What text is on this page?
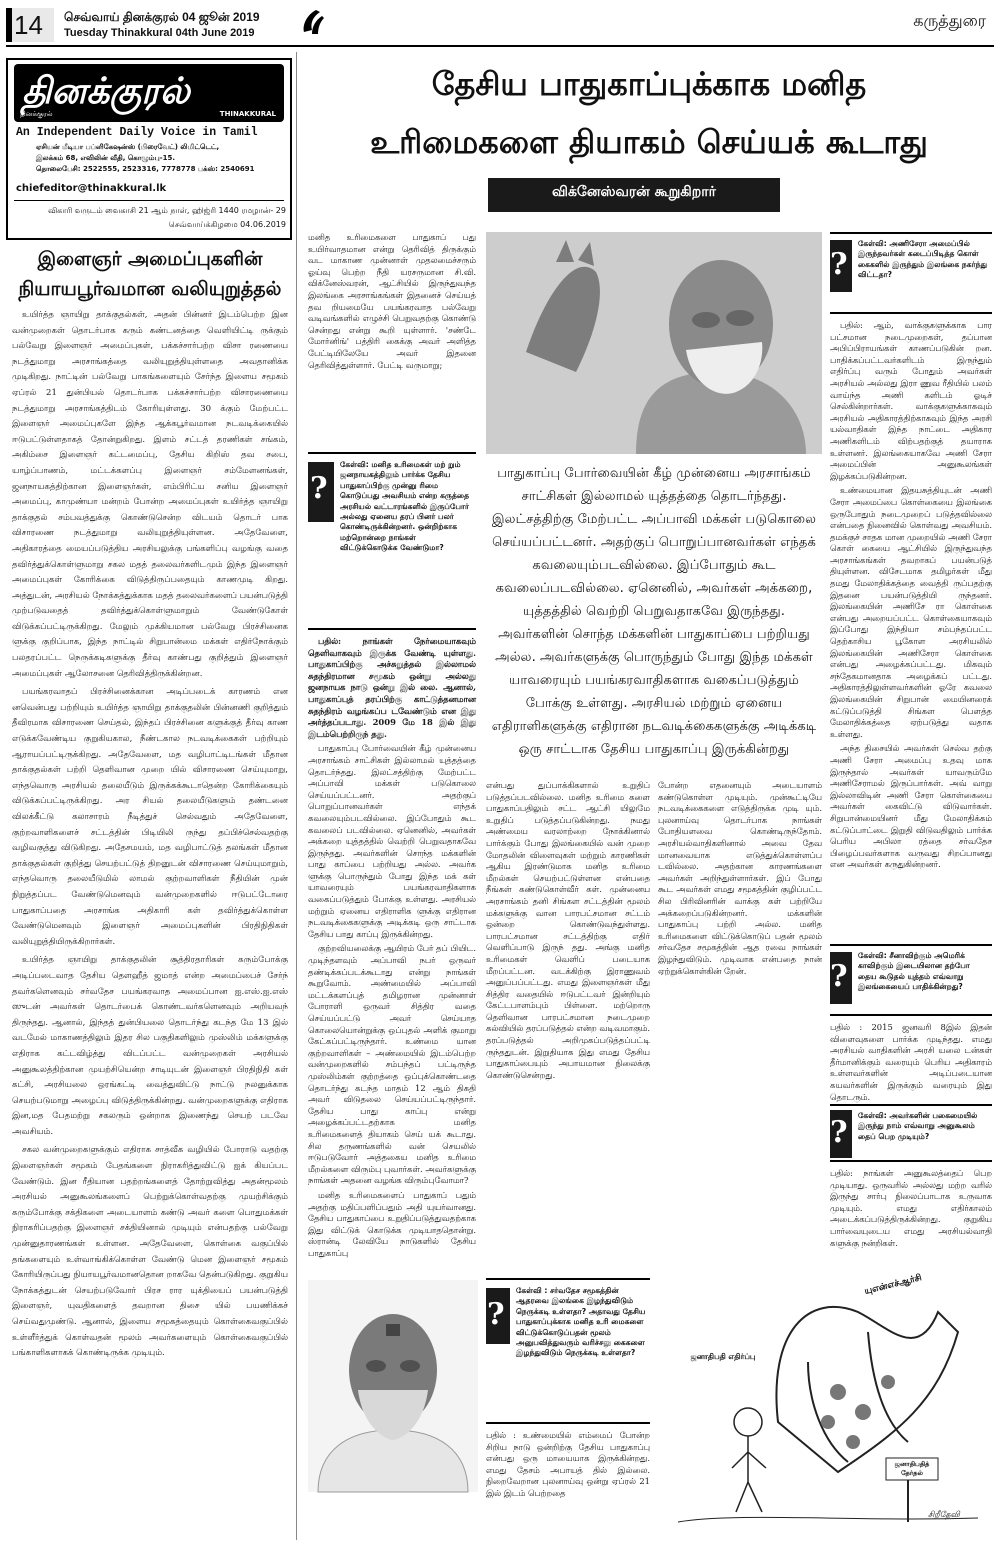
14 செவ்வாய் தினக்குரல் 04 ஜூன் 2019
Tuesday Thinakkural 04th June 2019
கருத்துரை
தினக்குரல்
தினக்குரல்	THINAKKURAL
An Independent Daily Voice in Tamil
ஏசியன் மீடியா பப்ளிகேஷன்ஸ் (பிரைவேட்) லிமிட்டெட்,
இலக்கம் 68, எவிலின் வீதி, கொழும்பு-15.
தொலைபேசி: 2522555, 2523316, 7778778 பக்ஸ்: 2540691
chiefeditor@thinakkural.lk
விகாரி வருடம் வைகாசி 21 ஆம் நாள், ஹிஜ்ரி 1440 ரமழான்- 29
செவ்வாய்க்கிழமை 04.06.2019
இளைஞர் அமைப்புகளின் நியாயபூர்வமான வலியுறுத்தல்

உயிர்த்த ஞாயிறு தாக்குதல்கள், அதன் பின்னர் இடம்பெற்ற இன வன்முறைகள் தொடர்பாக கரும் கண்டனத்தை வெளியிட்டி ருக்கும் பல்வேறு இளைஞர் அமைப்புகள், பக்கச்சார்பற்ற விசா ரணையை நடத்துமாறு அரசாங்கத்தை வலியுறுத்தியுள்ளதை அவதானிக்க முடிகிறது. நாட்டின் பல்வேறு பாகங்களையும் சேர்ந்த இளைய சமூகம் ஏப்ரல் 21 துன்பியல் தொடர்பாக பக்கச்சார்பற்ற விசாரணையை நடத்துமாறு அரசாங்கத்திடம் கோரியுள்ளது. 30 க்கும் மேற்பட்ட இளைஞர் அமைப்புகளே இந்த ஆக்கபூர்வமான நடவடிக்கையில் ஈடுபட்டுள்ளதாகத் தோன்றுகிறது. இளம் சட்டத் தரணிகள் சங்கம், அகிம்சை இளைஞர் கட்டமைப்பு, தேசிய கிறிஸ் தவ சபை, யாழ்ப்பாணம், மட்டக்களப்பு இளைஞர் சம்மேளனங்கள், ஜனநாயகத்திற்கான இளைஞர்கள், எம்பிரிட்ய சனிய இளைஞர் அமைப்பு, காமுண்யா மன்றம் போன்ற அமைப்புகள் உயிர்த்த ஞாயிறு தாக்குதல் சம்பவத்துக்கு கொண்டுசென்ற விடயம் தொடர் பாக விசாரணை நடத்துமாறு வலியுறுத்தியுள்ளன. அதேவேளை, அதிகாரத்தை மையப்படுத்திய அரசியலுக்கு பங்களிப்பு வழங்கு வதை தவிர்த்துக்கொள்ளுமாறு சகல மதத் தலைவர்களிடமும் இந்த இளைஞர் அமைப்புகள் கோரிக்கை விடுத்திருப்பதையும் காணமுடி கிறது. அத்துடன், அரசியல் நோக்கத்துக்காக மதத் தலைவர்களைப் பயன்படுத்தி முற்படுவதைத் தவிர்த்துக்கொள்ளுமாறும் வேண்டுகோள் விடுக்கப்பட்டிருக்கிறது. மேலும் முக்கியமான பல்வேறு பிரச்சினைக ளுக்கு குறிப்பாக, இந்த நாட்டில் சிறுபான்மை மக்கள் எதிர்நோக்கும் பலதரப்பட்ட நெருக்கடிகளுக்கு தீர்வு காண்பது குறித்தும் இளைஞர் அமைப்புகள் ஆலோசனை தெரிவித்திருக்கின்றன.

பயங்கரவாதப் பிரச்சினைக்கான அடிப்படைக் காரணம் என னவென்பது பற்றியும் உயிர்த்த ஞாயிறு தாக்குதலின் பின்னணி குறித்தும் தீவிரமாக விசாரணை செய்தல், இந்தப் பிரச்சினை களுக்குத் தீர்வு காண எடுக்கவேண்டிய குறுகியகால, நீண்டகால நடவடிக்கைகள் பற்றியும் ஆராயப்பட்டிருக்கிறது. அதேவேளை, மத வழிபாட்டிடங்கள் மீதான தாக்குதல்கள் பற்றி தெளிவான முறை யில் விசாரணை செய்யுமாறு, எந்தவொரு அரசியல் தலையீடும் இருக்கக்கூடாதென்ற கோரிக்கையும் விடுக்கப்பட்டிருக்கிறது. அர சியல் தலையீடுகளும் தண்டனை விலக்கீட்டு கலாசாரம் நீடித்துச் செல்வதும் அதேவேளை, குற்றவாளிகளைச் சட்டத்தின் பிடியிலி ருந்து தப்பிச்செல்வதற்கு வழிவகுத்து விடுகிறது. அதேசமயம், மத வழிபாட்டுத் தலங்கள் மீதான தாக்குதல்கள் குறித்து செயற்பட்டுத் திறனுடன் விசாரணை செய்யுமாறும், எந்தவொரு தலையீடுமில் லாமல் குற்றவாளிகள் நீதியின் முன் நிறுத்தப்பட வேண்டுமெனவும் வன்முறைகளில் ஈடுபட்டோரை பாதுகாப்பதை அரசாங்க அதிகாரி கள் தவிர்த்துக்கொள்ள வேண்டுமெனவும் இளைஞர் அமைப்புகளின் பிரதிநிதிகள் வலியுறுத்தியிருக்கிறார்கள்.

உயிர்த்த ஞாயிறு தாக்குதலின் சூத்திரதாரிகள் கரும்போக்கு அடிப்படைவாத தேசிய தௌஹீத் ஜமாத் என்ற அமைப்பைச் சேர்ந் தவர்களெனவும் சர்வதேச பயங்கரவாத அமைப்பான ஐ.எஸ்.ஐ.எஸ் ஸுடன் அவர்கள் தொடர்பைக் கொண்டவர்களெனவும் அறியவந் திருந்தது. ஆனால், இந்தத் துன்பியலை தொடர்ந்து கடந்த மே 13 இல் வடமேல் மாகாணத்திலும் இதர சில பகுதிகளிலும் முஸ்லிம் மக்களுக்கு எதிராக கட்டவிழ்த்து விடப்பட்ட வன்முறைகள் அரசியல் அனுகூலத்திற்கான முயற்சியென்ற சாடியுடன் இளைஞர் பிரதிநிதி கள் கட்சி, அரசியலை ஒரங்கட்டி வைத்துவிட்டு நாட்டு நலனுக்காக செயற்படுமாறு அழைப்பு விடுத்திருக்கின்றது. வன்முறைகளுக்கு எதிராக இன,மத பேதமற்று சகலரும் ஒன்றாக இணைந்து செயற் படவே அவசியம்.

சகல வன்முறைகளுக்கும் எதிராக சாத்வீக வழியில் போராடு வதற்கு இளைஞர்கள் சமூகம் பேதங்களை நிராகரித்துவிட்டு ஐக் கியப்பட வேண்டும். இன ரீதியான பதற்றங்களைத் தோற்றுவித்து அதன்மூலம் அரசியல் அனுகூலங்களைப் பெற்றுக்கொள்வதற்கு முயற்சிக்கும் கரும்போக்கு சக்திகளை அடையாளம் கண்டு அவர் களை பொதுமக்கள் நிராகரிப்பதற்கு இளைஞர் சக்தியினால் முடியும் என்பதற்கு பல்வேறு முன்னுதாரணங்கள் உள்ளன. அதேவேளை, கொள்கை வகுப்பில் தங்களையும் உள்வாங்கிக்கொள்ள வேண்டு மென இளைஞர் சமூகம் கோரியிருப்பது நியாயபூர்வமானதொன றாகவே தென்படுகிறது. குறுகிய நோக்கத்துடன் செயற்படுவோர் பிரச ரார யுக்தியைப் பயன்படுத்தி இளைஞர், யுவதிகளைத் தவறான திசை யில் பயணிக்கச் செய்வதுமுண்டு. ஆனால், இளைய சமூகத்தையும் கொள்கைவகுப்பில் உள்ளீர்த்துக் கொள்வதன் மூலம் அவர்களையும் கொள்கைவகுப்பில் பங்காளிகளாகக் கொண்டிருக்க முடியும்.

தேசிய பாதுகாப்புக்காக மனித
உரிமைகளை தியாகம் செய்யக் கூடாது
விக்னேஸ்வரன் கூறுகிறார்
மனித உரிமைகளை பாதுகாப் பது உயிர்வாதமான என்று தெரிவித் திருக்கும் வட மாகாண முன்னாள் முதலமைச்சரும் ஓய்வு பெற்ற நீதி யரசருமான சி.வி. விக்னேஸ்வரன், ஆட்சியில் இருந்துவந்த இலங்கை அரசாங்கங்கள் இதனைச் செய்யத் தவ றியமையே பயங்கரவாத பல்வேறு வடிவங்களில் எழுச்சி பெறுவதற்கு கொண்டு சென்றது என்று கூறி யுள்ளார். 'சண்டே மோர்னிங்' பத்திரி கைக்கு அவர் அளித்த பேட்டியிலேயே அவர் இதனை தெரிவித்துள்ளார். பேட்டி வருமாறு;
?
கேள்வி: மனித உரிமைகள் மற் றும் ஜனநாயகத்திலும் பார்க்க தேசிய பாதுகாப்பிற்கு முன்னு ரிமை கொடுப்பது அவசியம் என்ற கருத்தை அரசியல் வட்டாரங்களில் இருப்போர் அல்லது ஏனைய தரப் பினர் பலர் கொண்டிருக்கின்றனர். ஒன்றிற்காக மற்றொன்றை நாங்கள் விட்டுக்கொடுக்க வேண்டுமா?

பதில்: நாங்கள் நேர்மையாகவும் தெளிவாகவும் இருக்க வேண்டி யுள்ளது. பாதுகாப்பிற்கு அச்சுறுத்தல் இல்லாமல் சுதந்திரமான சமூகம் ஒன்று அல்லது ஜனநாயக நாடு ஒன்று இல் லை. ஆனால், பாதுகாப்புத் தரப்பிற்கு காட்டுத்தனமான சுதந்திரம் வழங்கப்ப டவேண்டும் என இது அர்த்தப்படாது. 2009 மே 18 இல் இது இடம்பெற்றிருந் தது.

பாதுகாப்பு போர்வையின் கீழ் முன்னைய அரசாங்கம் சாட்சிகள் இல்லாமல் யுத்தத்தை தொடர்ந்தது. இலட்சத்திற்கு மேற்பட்ட அப்பாவி மக்கள் படுகொலை செய்யப்பட்டனர். அதற்குப் பொறுப்பானவர்கள் எந்தக் கவலையும்படவில்லை. இப்போதும் கூட கவலைப் படவில்லை. ஏனெனில், அவர்கள் அக்கறை யுத்தத்தில் வெற்றி பெறுவதாகவே இருந்தது. அவர்களின் சொந்த மக்களின் பாது காப்பை பற்றியது அல்ல. அவர்க ளுக்கு பொருந்தும் போது இந்த மக் கள் யாவரையும் பயங்கரவாதிகளாக வகைப்படுத்தும் போக்கு உள்ளது. அரசியல் மற்றும் ஏனைய எதிராளிக ளுக்கு எதிரான நடவடிக்கைகளுக்கு அடிக்கடி ஒரு சாட்டாக தேசிய பாது காப்பு இருக்கின்றது.

குற்றவியலைக்கு ஆயிரம் பேர் தப் பியிட. முடிந்தளவும் அப்பாவி நபர் ஒருவர் தண்டிக்கப்படக்கூடாது என்று நாங்கள் கூறுவோம். அண்மையில் அப்பாவி மட்டக்களப்புத் தமிழரான முன்னாள் போராளி ஒருவர் சித்திர வதை செய்யப்பட்டு அவர் செய்யாத கொலையொன்றுக்கு ஒப்புதல் அளிக் குமாறு கேட்கப்பட்டிருந்தார். உண்மை யான குற்றவாளிகள் – அண்மையில் இடம்பெற்ற வன்முறைகளில் சம்பந்தப் பட்டிருந்த முஸ்லிம்கள் குற்றத்தை ஒப்புக்கொண்டதை தொடர்ந்து கடந்த மாதம் 12 ஆம் திகதி அவர் விடுதலை செய்யப்பட்டிருந்தார். தேசிய பாது காப்பு என்று அழைக்கப்பட்டதற்காக மனித உரிமைகளைத் தியாகம் செய் யக் கூடாது. சில தருணங்களில் வன் செயலில் ஈடுபடுவோர் அத்தகைய மனித உரிமை மீறல்களை விரும்பு புவார்கள். அவர்களுக்கு நாங்கள் அதனை வழங்க விரும்புவோமா?

மனித உரிமைகளைப் பாதுகாப் பதும் அதற்கு மதிப்பளிப்பதும் அதி யுயர்வானது. தேசிய பாதுகாப்பை உறுதிப்படுத்துவதற்காக இது விட்டுக் கொடுக்க முடியாததொன்று. ஸ்ரான்டி லேவியே நாடுகளில் தேசிய பாதுகாப்பு

பாதுகாப்பு போர்வையின் கீழ் முன்னைய அரசாங்கம் சாட்சிகள் இல்லாமல் யுத்தத்தை தொடர்ந்தது. இலட்சத்திற்கு மேற்பட்ட அப்பாவி மக்கள் படுகொலை செய்யப்பட்டனர். அதற்குப் பொறுப்பானவர்கள் எந்தக் கவலையும்படவில்லை. இப்போதும் கூட கவலைப்படவில்லை. ஏனெனில், அவர்கள் அக்கறை, யுத்தத்தில் வெற்றி பெறுவதாகவே இருந்தது. அவர்களின் சொந்த மக்களின் பாதுகாப்பை பற்றியது அல்ல. அவர்களுக்கு பொருந்தும் போது இந்த மக்கள் யாவரையும் பயங்கரவாதிகளாக வகைப்படுத்தும் போக்கு உள்ளது. அரசியல் மற்றும் ஏனைய எதிராளிகளுக்கு எதிரான நடவடிக்கைகளுக்கு அடிக்கடி ஒரு சாட்டாக தேசிய பாதுகாப்பு இருக்கின்றது
என்பது துப்பாக்கிகளால் உறுதிப் படுத்தப்படவில்லை. மனித உரிமை களை பாதுகாப்பதிலும் சட்ட ஆட்சி யிலுமே உறுதிப் படுத்தப்படுகின்றது. நமது அண்மைய வரலாற்றை நோக்கினால் பார்க்கும் போது இலங்கையில் வன் முறை மோதலின் விளைவுகள் மற்றும் காரணிகள் ஆகிய இரண்டுமாக மனித உரிமை மீறல்கள் செயற்பட்டுள்ளன என்பதை நீங்கள் கண்டுகொள்வீர் கள். முன்னைய அரசாங்கம் தனி சிங்கள சட்டத்தின் மூலம் மக்களுக்கு வான பாரபட்சமான சட்டம் ஒன்றை கொண்டுவந்துள்ளது. பாரபட்சமான சட்டத்திற்கு எதிர் வெளிப்பாடு இருந் தது. அங்கு மனித உரிமைகள் வெளிப் படையாக மீறப்பட்டன. வடக்கிற்கு இராணுவம் அனுப்பப்பட்டது. எமது இளைஞர்கள் மீது சித்திர வதையில் ஈடுபட்டவர் இன்றியும் கேட்டபாளம்பும் பிள்ளை. மற்றொரு தெளிவான பாரபட்சமான நடைமுறை கல்வியில் தரப்படுத்தல் என்ற வடிவமாகும். தரப்படுத்தல் அறிமுகப்படுத்தப்பட்டி ருந்ததுடன். இறுதியாக இது எமது தேசிய பாதுகாப்பையும் அபாயமான நிலைக்கு கொண்டுசென்றது.
போன்ற எதனையும் அடையாளம் கண்டுகொள்ள முடியும். முன்கூட்டியே நடவடிக்கைகளை எடுத்திருக்க முடி யும். புலனாய்வு தொடர்பாக நாங்கள் போதியளவை கொண்டிருந்தோம். அரசியல்வாதிகளினால் அவை தேவ மானவையாக எடுத்துக்கொள்ளப்ப டவில்லை. அதற்கான காரணங்களை அவர்கள் அறிந்துள்ளார்கள். இப் போது கூட அவர்கள் எமது சமூகத்தின் குழிப்பட்ட சில பிரிவினரின் வாக்கு கள் பற்றியே அக்கறைப்படுகின்றனர். மக்களின் பாதுகாப்பு பற்றி அல்ல. மனித உரிமைகளை விட்டுக்கொடுப் பதன் மூலம் சர்வதேச சமூகத்தின் ஆத ரவை நாங்கள் இழந்துவிடும். முடிவாக என்பதை நான் ஏற்றுக்கொள்கின் றேன்.
?
கேள்வி : சர்வதேச சமூகத்தின் ஆதரவை இலங்கை இழந்துவிடும் நெருக்கடி உள்ளதா? அதாவது தேசிய பாதுகாப்புக்காக மனித உரி மைகளை விட்டுக்கொடுப்பதன் மூலம் அனுபவித்துவரும் வரிச்சலு கைகளை இழந்துவிடும் நெருக்கடி உள்ளதா?
பதில் : உண்மையில் எம்மைப் போன்ற சிறிய நாடு ஒன்றிற்கு தேசிய பாதுகாப்பு என்பது ஒரு மாயையாக இருக்கின்றது. எமது தேசம் அபாயத் தில் இல்லை. நிறைவேறான புலனாய்வு ஒன்று ஏப்ரல் 21 இல் இடம் பெற்றதை
?
கேள்வி: அணிசேரா அமைப்பில் இருந்தவர்கள் கடைப்பிடித்த கொள் கைகளில் இருந்தும் இலங்கை நகர்ந்து விட்டதா?

பதில்: ஆம், வாக்குகளுக்காக பார பட்சமான நடைமுறைகள், தப்பான அபிப்பிராயங்கள் காணப்படுகின் றன. பாதிக்கப்பட்டவர்களிடம் இருந்தும் எதிர்ப்பு வரும் போதும் அவர்கள் அரசியல் அல்லது இரா ணுவ ரீதியில் பலம் வாய்ந்த அணி களிடம் ஓடிச் செல்கின்றார்கள். வாக்குகளுக்காகவும் அரசியல் அதிகாரத்திற்காகவும் இந்த அரசி யல்வாதிகள் இந்த நாட்டை அதிகார அணிகளிடம் விற்பதற்குத் தயாராக உள்ளனர். இலங்கையாகவே அணி சேரா அமைப்பின் அனுகூலங்கள் இழக்கப்படுகின்றன.

உண்மையான இதயசுத்தியுடன் அணி சேரா அமைப்பை கொள்கையை இலங்கை ஒருபோதும் நடைமுறைப் படுத்தவில்லை என்பதை நினைவில் கொள்வது அவசியம். தமக்குச் சாதக மான முறையில் அணி சேரா கொள் கையை ஆட்சியில் இருந்துவந்த அரசாங்கங்கள் தவறாகப் பயன்படுத் தியுள்ளன. விசேடமாக தமிழர்கள் மீது தமது மேலாதிக்கத்தை வைத்தி ருப்பதற்கு இதனை பயன்படுத்தியி ருந்தனர். இலங்கையின் அணிசே ரா கொள்கை என்பது அறையப்பட்ட கொள்கையாகவும் இப்போது இந்தியா சம்பந்தப்பட்ட தெற்காசிய பூகோள அரசியலில் இலங்கையின் அணிசேரா கொள்கை என்பது அழைக்கப்பட்டது. மிகவும் சந்தேகமானதாக அழைக்கப் பட்டது. அதிகாரத்திலுள்ளவர்களின் ஓரே கவலை இலங்கையின் சிறுபான் மையினரைக் கட்டுப்படுத்தி சிங்கள பௌத்த மேலாதிக்கத்தை ஏற்படுத்து வதாக உள்ளது.

அந்த திசையில் அவர்கள் செல்வ தற்கு அணி சேரா அமைப்பு உதவு மாக இருந்தால் அவர்கள் யாவரும்மே அணிசேராமல் இருப்பார்கள். அவ் வாறு இல்லாவிடின் அணி சேரா கொள்கையை அவர்கள் கைவிட்டு விடுவார்கள். சிறுபான்மையினர் மீது மேலாதிக்கம் கட்டுப்பாட்டை இறுதி விடுவதிலும் பார்க்க பெரிய அபிலா ரத்தை சர்வதேச பிழைப்பவர்களாக வருவது சிறப்பானது என அவர்கள் கருதுகின்றனர்.

?
கேள்வி: சீனாவிற்கும் அமெரிக் காவிற்கும் இடையிலான தற்போ தைய கூடுதல் யுத்தம் எவ்வாறு இலங்கையைப் பாதிக்கின்றது?
பதில் : 2015 ஜனவரி 8இல் இதன் விளைவுகளை பார்க்க முடிந்தது. எமது அரசியல் வாதிகளின் அரசி யலை டன்கள் தீர்மானிக்கும் வரையும் பெரிய அதிகாரம் உள்ளவர்களின் அடிப்படையான கயவர்களின் இருக்கும் வரையும் இது தொடரும்.
? கேள்வி: அவர்களின் பகைமையில் இருந்து நாம் எவ்வாறு அனுகூலம் தைப் பெற முடியும்?
பதில்: நாங்கள் அனுகூலத்தைப் பெற முடியாது. ஒருவரில் அல்லது மற்ற வரில் இருந்து சார்பு நிலைப்பாடாக உருவாக முடியும். எமது எதிர்காலம் அடைக்கப்படுத்திருக்கின்றது. குறுகிய பார்வையுடைய எமது அரசியல்வாதி களுக்கு நன்றிகள்.
யுஎன்எச்ஆர்சி
ஜனாதிபதி எதிர்ப்பு
ஜனாதிபதித் தேர்தல்
சிறீதேவி
